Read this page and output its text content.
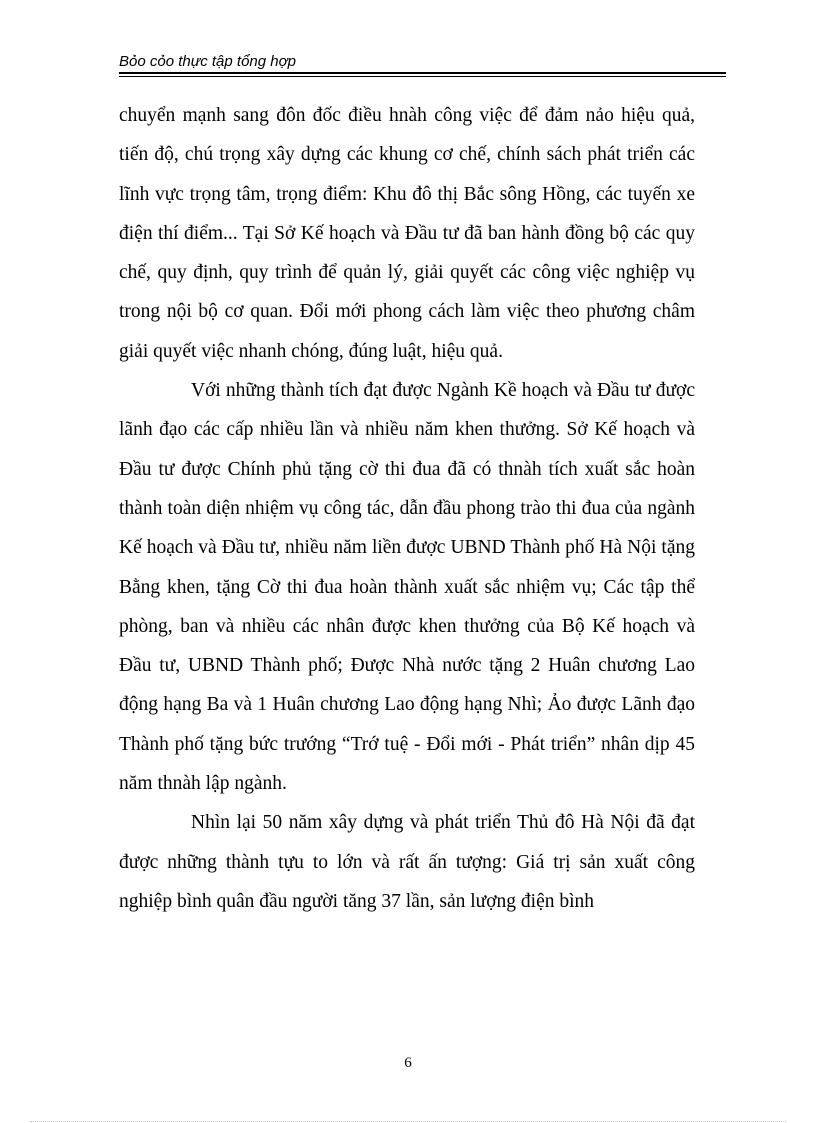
Bỏo cỏo thực tập tổng hợp

chuyển mạnh sang đôn đốc điều hnàh công việc để đảm nảo hiệu quả, tiến độ, chú trọng xây dựng các khung cơ chế, chính sách phát triển các lĩnh vực trọng tâm, trọng điểm: Khu đô thị Bắc sông Hồng, các tuyến xe điện thí điểm... Tại Sở Kế hoạch và Đầu tư đã ban hành đồng bộ các quy chế, quy định, quy trình để quản lý, giải quyết các công việc nghiệp vụ trong nội bộ cơ quan. Đổi mới phong cách làm việc theo phương châm giải quyết việc nhanh chóng, đúng luật, hiệu quả.

Với những thành tích đạt được Ngành Kề hoạch và Đầu tư được lãnh đạo các cấp nhiều lần và nhiều năm khen thưởng. Sở Kế hoạch và Đầu tư được Chính phủ tặng cờ thi đua đã có thnàh tích xuất sắc hoàn thành toàn diện nhiệm vụ công tác, dẫn đầu phong trào thi đua của ngành Kế hoạch và Đầu tư, nhiều năm liền được UBND Thành phố Hà Nội tặng Bằng khen, tặng Cờ thi đua hoàn thành xuất sắc nhiệm vụ; Các tập thể phòng, ban và nhiều các nhân được khen thưởng của Bộ Kế hoạch và Đầu tư, UBND Thành phố; Được Nhà nước tặng 2 Huân chương Lao động hạng Ba và 1 Huân chương Lao động hạng Nhì; Ảo được Lãnh đạo Thành phố tặng bức trướng “Trớ tuệ - Đổi mới - Phát triển” nhân dịp 45 năm thnàh lập ngành.

Nhìn lại 50 năm xây dựng và phát triển Thủ đô Hà Nội đã đạt được những thành tựu to lớn và rất ấn tượng: Giá trị sản xuất công nghiệp bình quân đầu người tăng 37 lần, sản lượng điện bình

6
